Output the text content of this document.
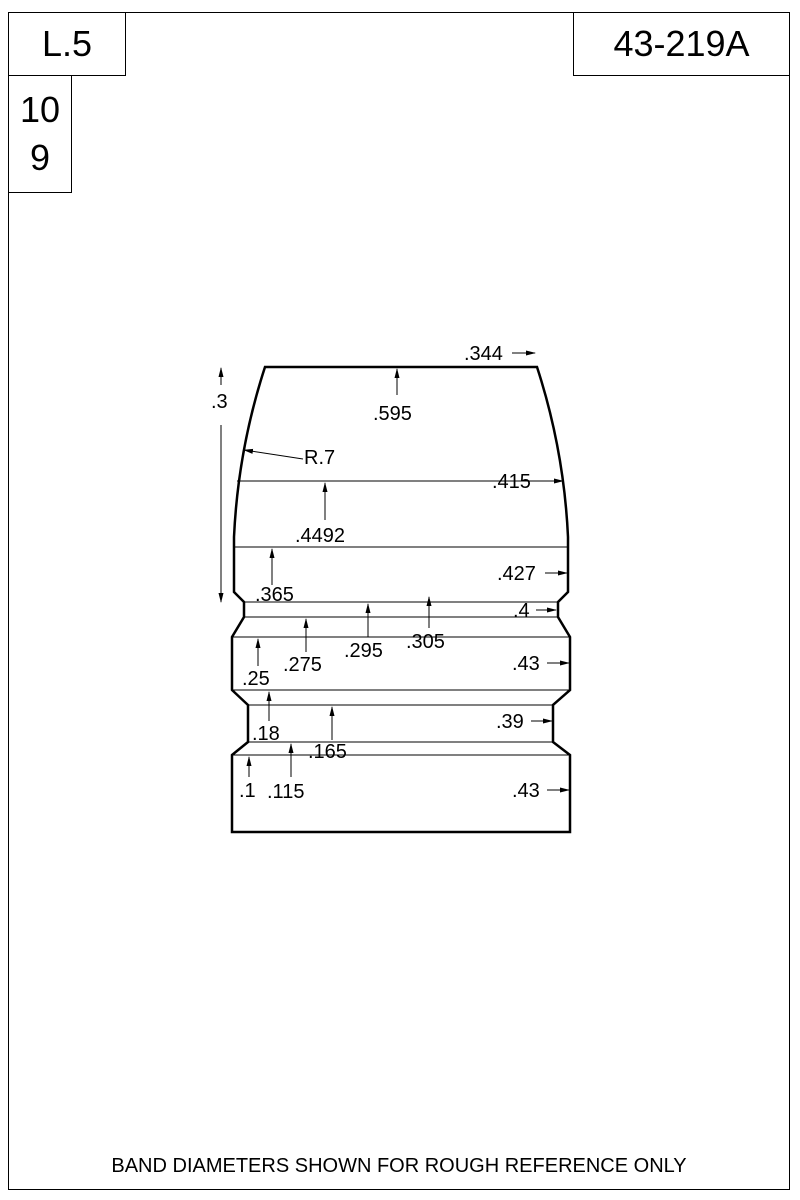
L.5	43-219A
10
9
.344
.3
.595
R.7
.415
.4492
.427
.365
.4
.305
.295
.275	.43
.25
.39
.18
.165
.1 .115	.43
BAND DIAMETERS SHOWN FOR ROUGH REFERENCE ONLY
